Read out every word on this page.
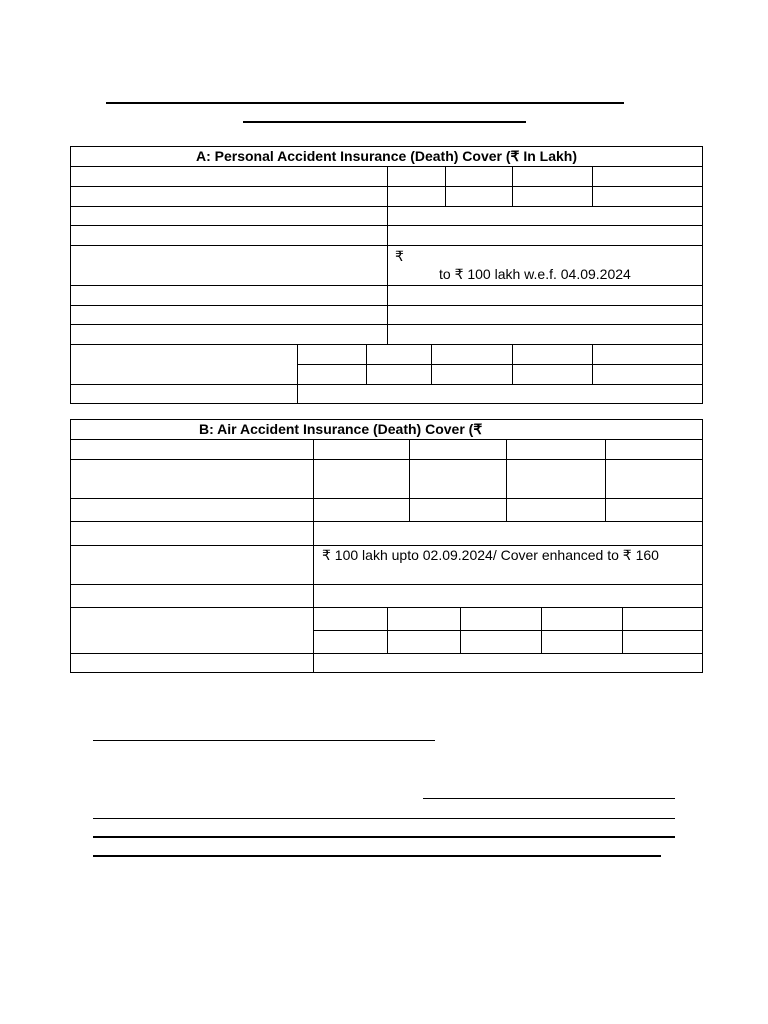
A: Personal Accident Insurance (Death) Cover (₹ In Lakh)
₹
to ₹ 100 lakh w.e.f. 04.09.2024
B: Air Accident Insurance (Death) Cover (₹
₹ 100 lakh upto 02.09.2024/ Cover enhanced to ₹ 160
